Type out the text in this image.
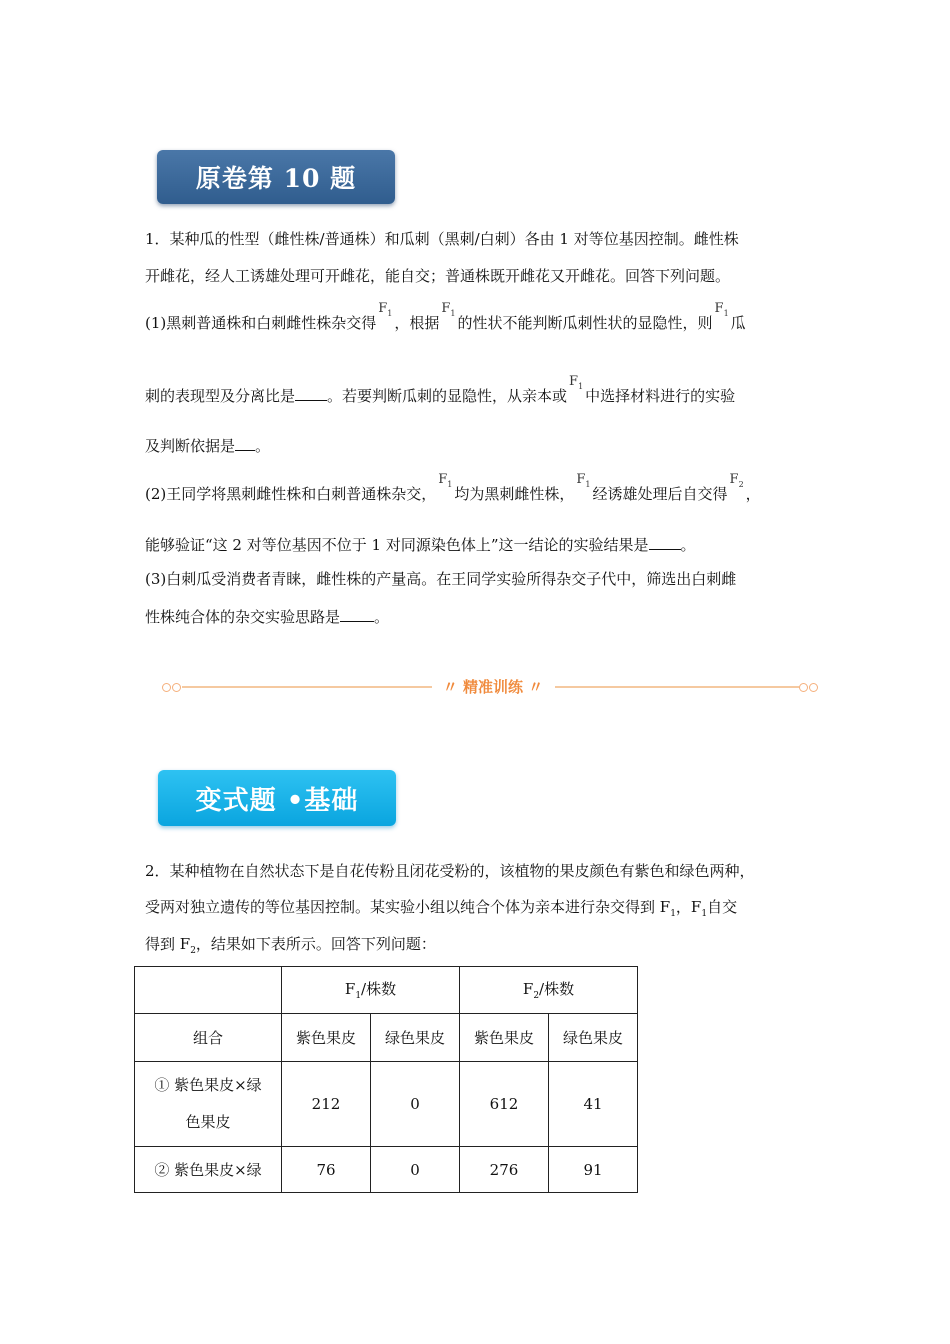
原卷第 10 题
1．某种瓜的性型（雌性株/普通株）和瓜刺（黑刺/白刺）各由 1 对等位基因控制。雌性株
开雌花，经人工诱雄处理可开雌花，能自交；普通株既开雌花又开雌花。回答下列问题。
(1)黑刺普通株和白刺雌性株杂交得$F_1$，根据$F_1$的性状不能判断瓜刺性状的显隐性，则$F_1$瓜
刺的表现型及分离比是 。若要判断瓜刺的显隐性，从亲本或$F_1$中选择材料进行的实验
及判断依据是 。
(2)王同学将黑刺雌性株和白刺普通株杂交，$F_1$均为黑刺雌性株，$F_1$经诱雄处理后自交得$F_2$，
能够验证“这 2 对等位基因不位于 1 对同源染色体上”这一结论的实验结果是 。
(3)白刺瓜受消费者青睐，雌性株的产量高。在王同学实验所得杂交子代中，筛选出白刺雌
性株纯合体的杂交实验思路是 。
〃 精准训练 〃
变式题 •基础
2．某种植物在自然状态下是自花传粉且闭花受粉的，该植物的果皮颜色有紫色和绿色两种，
受两对独立遗传的等位基因控制。某实验小组以纯合个体为亲本进行杂交得到 $F_1$，$F_1$自交
得到 $F_2$，结果如下表所示。回答下列问题：
	$F_1/$株数		$F_2/$株数	
组合	紫色果皮	绿色果皮	紫色果皮	绿色果皮

① 紫色果皮×绿
色果皮	212	0	612	41
② 紫色果皮×绿	76	0	276	91
